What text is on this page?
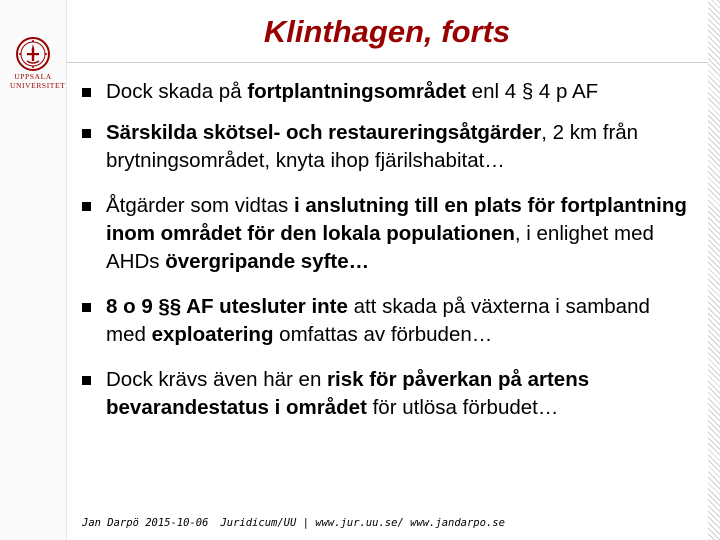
UPPSALA
UNIVERSITET
Klinthagen, forts
Dock skada på fortplantningsområdet enl 4 § 4 p AF
Särskilda skötsel- och restaureringsåtgärder, 2 km från brytningsområdet, knyta ihop fjärilshabitat…
Åtgärder som vidtas i anslutning till en plats för fortplantning inom området för den lokala populationen, i enlighet med AHDs övergripande syfte…
8 o 9 §§ AF utesluter inte att skada på växterna i samband med exploatering omfattas av förbuden…
Dock krävs även här en risk för påverkan på artens bevarandestatus i området för utlösa förbudet…
Jan Darpö 2015-10-06 Juridicum/UU | www.jur.uu.se/ www.jandarpo.se
